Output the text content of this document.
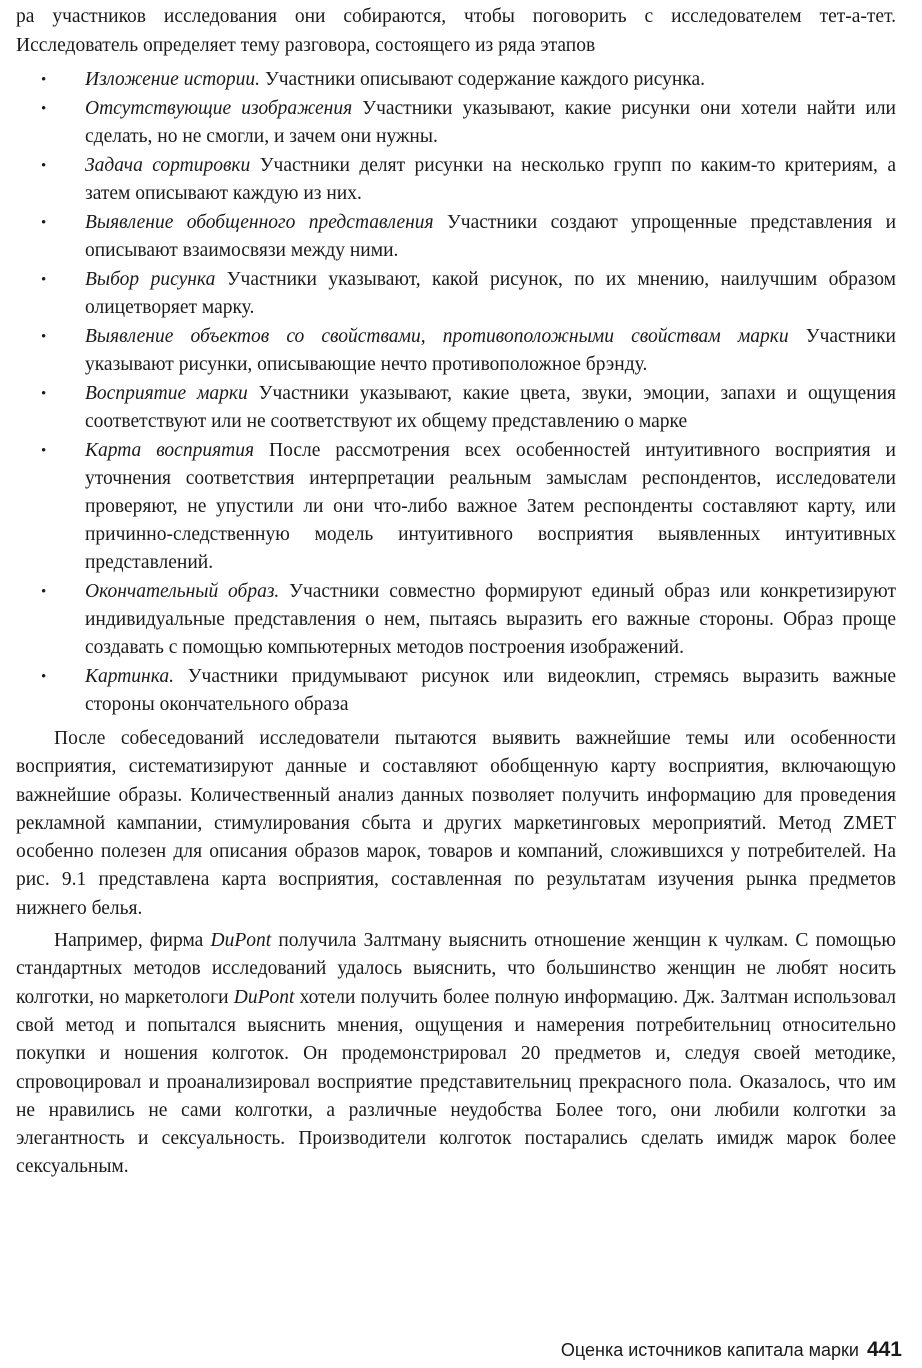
ра участников исследования они собираются, чтобы поговорить с исследователем тет-а-тет. Исследователь определяет тему разговора, состоящего из ряда этапов

• Изложение истории. Участники описывают содержание каждого рисунка.
• Отсутствующие изображения Участники указывают, какие рисунки они хотели найти или сделать, но не смогли, и зачем они нужны.
• Задача сортировки Участники делят рисунки на несколько групп по каким-то критериям, а затем описывают каждую из них.
• Выявление обобщенного представления Участники создают упрощенные представления и описывают взаимосвязи между ними.
• Выбор рисунка Участники указывают, какой рисунок, по их мнению, наилучшим образом олицетворяет марку.
• Выявление объектов со свойствами, противоположными свойствам марки Участники указывают рисунки, описывающие нечто противоположное брэнду.
• Восприятие марки Участники указывают, какие цвета, звуки, эмоции, запахи и ощущения соответствуют или не соответствуют их общему представлению о марке
• Карта восприятия После рассмотрения всех особенностей интуитивного восприятия и уточнения соответствия интерпретации реальным замыслам респондентов, исследователи проверяют, не упустили ли они что-либо важное Затем респонденты составляют карту, или причинно-следственную модель интуитивного восприятия выявленных интуитивных представлений.
• Окончательный образ. Участники совместно формируют единый образ или конкретизируют индивидуальные представления о нем, пытаясь выразить его важные стороны. Образ проще создавать с помощью компьютерных методов построения изображений.
• Картинка. Участники придумывают рисунок или видеоклип, стремясь выразить важные стороны окончательного образа

После собеседований исследователи пытаются выявить важнейшие темы или особенности восприятия, систематизируют данные и составляют обобщенную карту восприятия, включающую важнейшие образы. Количественный анализ данных позволяет получить информацию для проведения рекламной кампании, стимулирования сбыта и других маркетинговых мероприятий. Метод ZMET особенно полезен для описания образов марок, товаров и компаний, сложившихся у потребителей. На рис. 9.1 представлена карта восприятия, составленная по результатам изучения рынка предметов нижнего белья.

Например, фирма DuPont получила Залтману выяснить отношение женщин к чулкам. С помощью стандартных методов исследований удалось выяснить, что большинство женщин не любят носить колготки, но маркетологи DuPont хотели получить более полную информацию. Дж. Залтман использовал свой метод и попытался выяснить мнения, ощущения и намерения потребительниц относительно покупки и ношения колготок. Он продемонстрировал 20 предметов и, следуя своей методике, спровоцировал и проанализировал восприятие представительниц прекрасного пола. Оказалось, что им не нравились не сами колготки, а различные неудобства Более того, они любили колготки за элегантность и сексуальность. Производители колготок постарались сделать имидж марок более сексуальным.

Оценка источников капитала марки 441
